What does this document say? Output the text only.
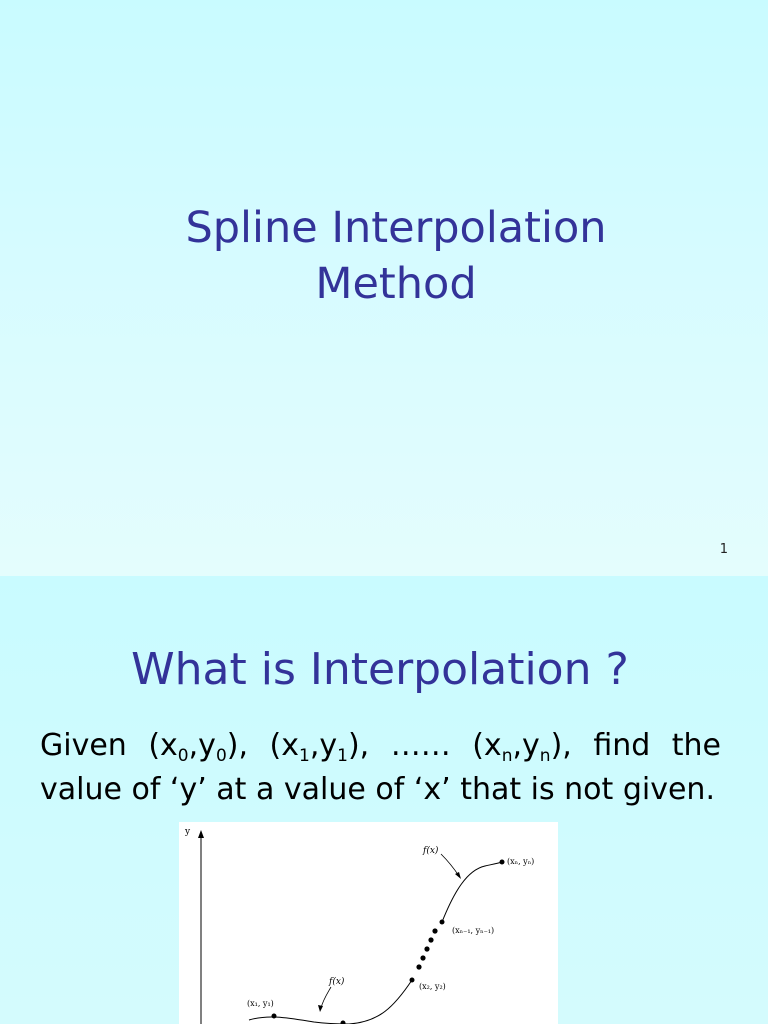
Spline Interpolation
Method
1
What is Interpolation ?

Given $(x_0,y_0)$, $(x_1,y_1)$, …… $(x_n,y_n)$, find the value of ‘y’ at a value of ‘x’ that is not given.

y
f(x)
(xₙ, yₙ)
(xₙ₋₁, yₙ₋₁)
(x₂, y₂)
f(x)
(x₁, y₁)
